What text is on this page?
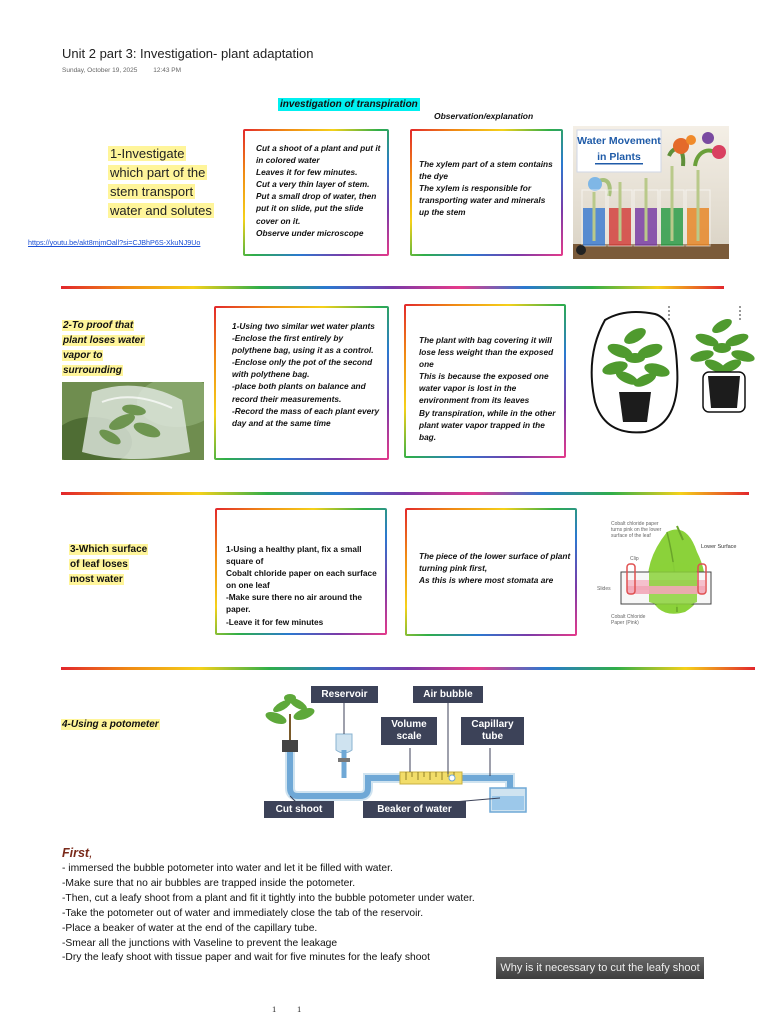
Unit 2 part 3: Investigation- plant adaptation
Sunday, October 19, 2025 12:43 PM
investigation of transpiration
Observation/explanation
1-Investigate
which part of the
stem transport
water and solutes
https://youtu.be/akt8mjmOall?si=CJBhP6S-XkuNJ9Uo
Cut a shoot of a plant and put it in colored water
Leaves it for few minutes.
Cut a very thin layer of stem.
Put a small drop of water, then put it on slide, put the slide cover on it.
Observe under microscope
The xylem part of a stem contains the dye
The xylem is responsible for transporting water and minerals up the stem
Water Movement
in Plants
2-To proof that
plant loses water
vapor to
surrounding
1-Using two similar wet water plants
-Enclose the first entirely by polythene bag, using it as a control.
-Enclose only the pot of the second with polythene bag.
-place both plants on balance and record their measurements.
-Record the mass of each plant every day and at the same time
The plant with bag covering it will lose less weight than the exposed one
This is because the exposed one water vapor is lost in the environment from its leaves
By transpiration, while in the other plant water vapor trapped in the bag.
3-Which surface
of leaf loses
most water
1-Using a healthy plant, fix a small square of
Cobalt chloride paper on each surface on one leaf
-Make sure there no air around the paper.
-Leave it for few minutes
The piece of the lower surface of plant turning pink first,
As this is where most stomata are
Cobalt chloride paper turns pink on the lower surface of the leaf
Clip
Lower Surface
Slides
Cobalt Chloride Paper (Pink)
4-Using a potometer
Reservoir	Air bubble
Volume
scale
Capillary
tube
Cut shoot	Beaker of water
First,
- immersed the bubble potometer into water and let it be filled with water.
-Make sure that no air bubbles are trapped inside the potometer.
-Then, cut a leafy shoot from a plant and fit it tightly into the bubble potometer under water.
-Take the potometer out of water and immediately close the tab of the reservoir.
-Place a beaker of water at the end of the capillary tube.
-Smear all the junctions with Vaseline to prevent the leakage
-Dry the leafy shoot with tissue paper and wait for five minutes for the leafy shoot
Why is it necessary to cut the leafy shoot
1 1
